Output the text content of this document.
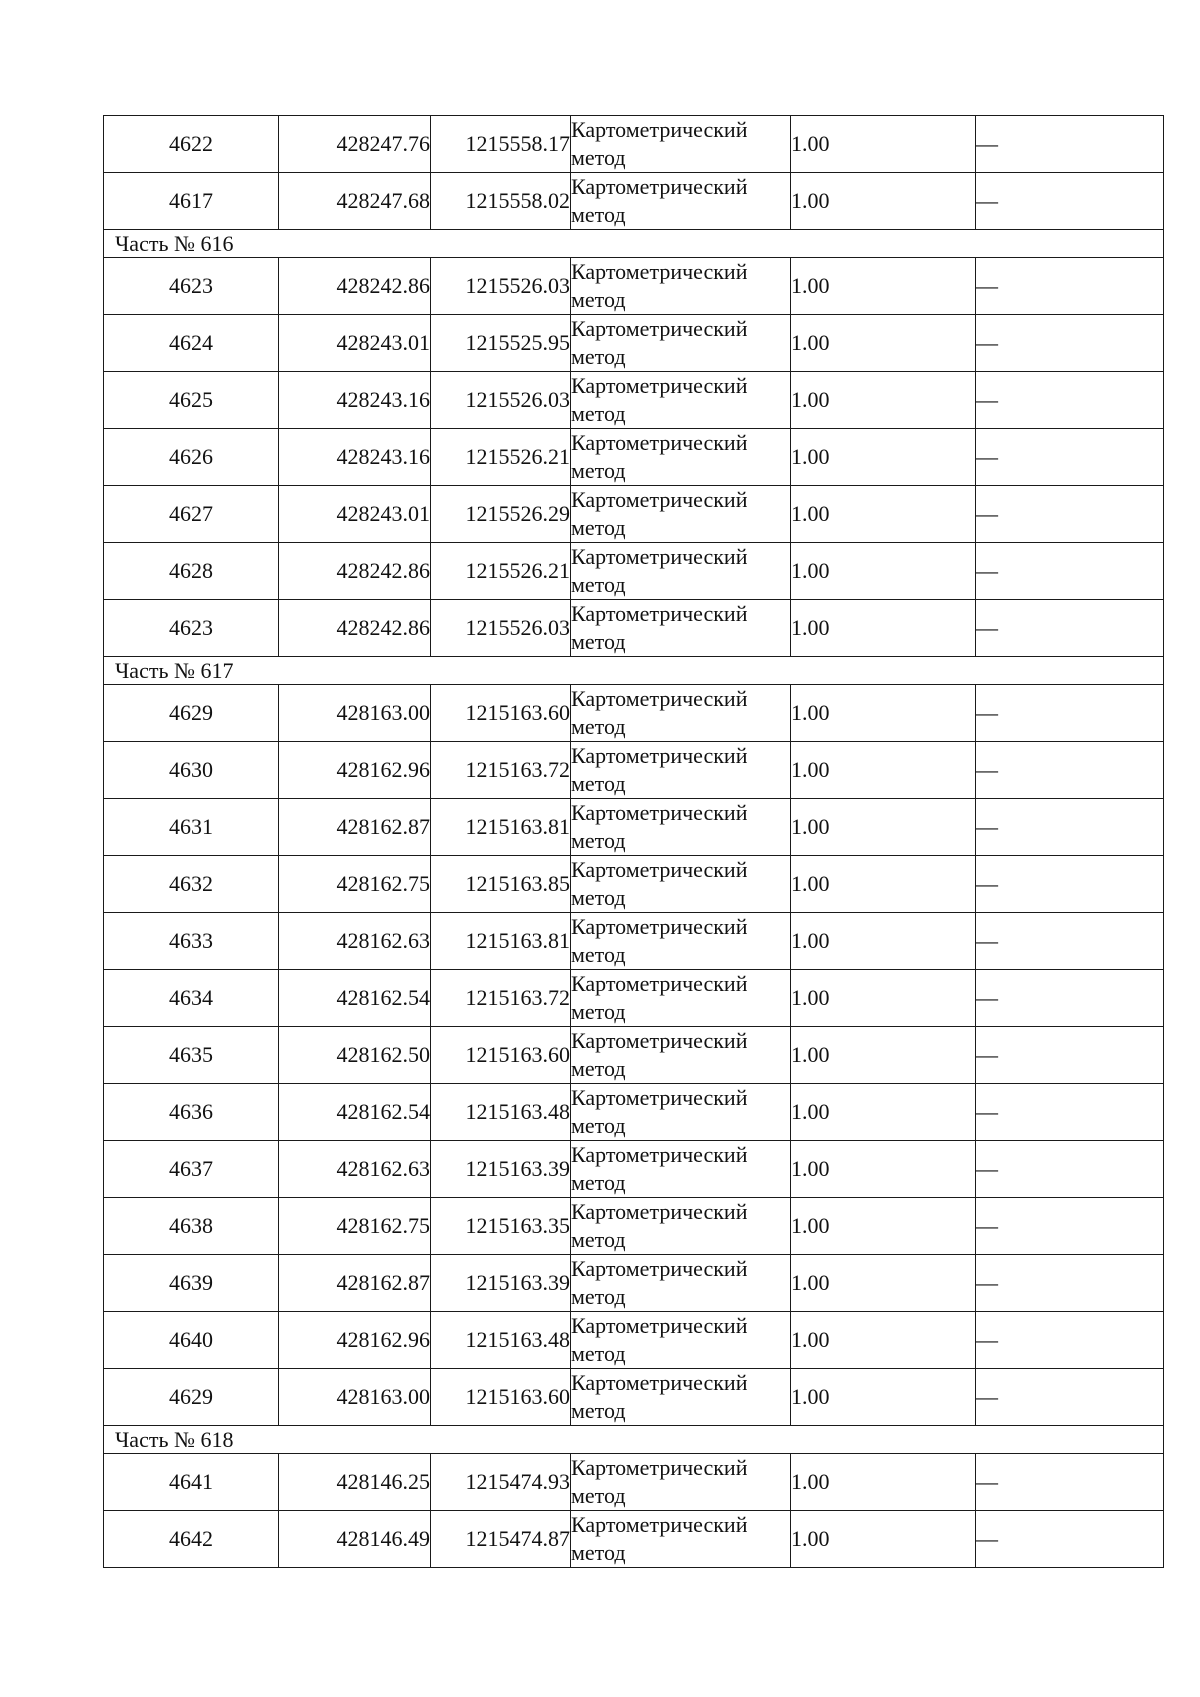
4622	428247.76	1215558.17	Картометрический метод	1.00	—
4617	428247.68	1215558.02	Картометрический метод	1.00	—
Часть № 616					
4623	428242.86	1215526.03	Картометрический метод	1.00	—
4624	428243.01	1215525.95	Картометрический метод	1.00	—
4625	428243.16	1215526.03	Картометрический метод	1.00	—
4626	428243.16	1215526.21	Картометрический метод	1.00	—
4627	428243.01	1215526.29	Картометрический метод	1.00	—
4628	428242.86	1215526.21	Картометрический метод	1.00	—
4623	428242.86	1215526.03	Картометрический метод	1.00	—
Часть № 617					
4629	428163.00	1215163.60	Картометрический метод	1.00	—
4630	428162.96	1215163.72	Картометрический метод	1.00	—
4631	428162.87	1215163.81	Картометрический метод	1.00	—
4632	428162.75	1215163.85	Картометрический метод	1.00	—
4633	428162.63	1215163.81	Картометрический метод	1.00	—
4634	428162.54	1215163.72	Картометрический метод	1.00	—
4635	428162.50	1215163.60	Картометрический метод	1.00	—
4636	428162.54	1215163.48	Картометрический метод	1.00	—
4637	428162.63	1215163.39	Картометрический метод	1.00	—
4638	428162.75	1215163.35	Картометрический метод	1.00	—
4639	428162.87	1215163.39	Картометрический метод	1.00	—
4640	428162.96	1215163.48	Картометрический метод	1.00	—
4629	428163.00	1215163.60	Картометрический метод	1.00	—
Часть № 618					
4641	428146.25	1215474.93	Картометрический метод	1.00	—
4642	428146.49	1215474.87	Картометрический метод	1.00	—
